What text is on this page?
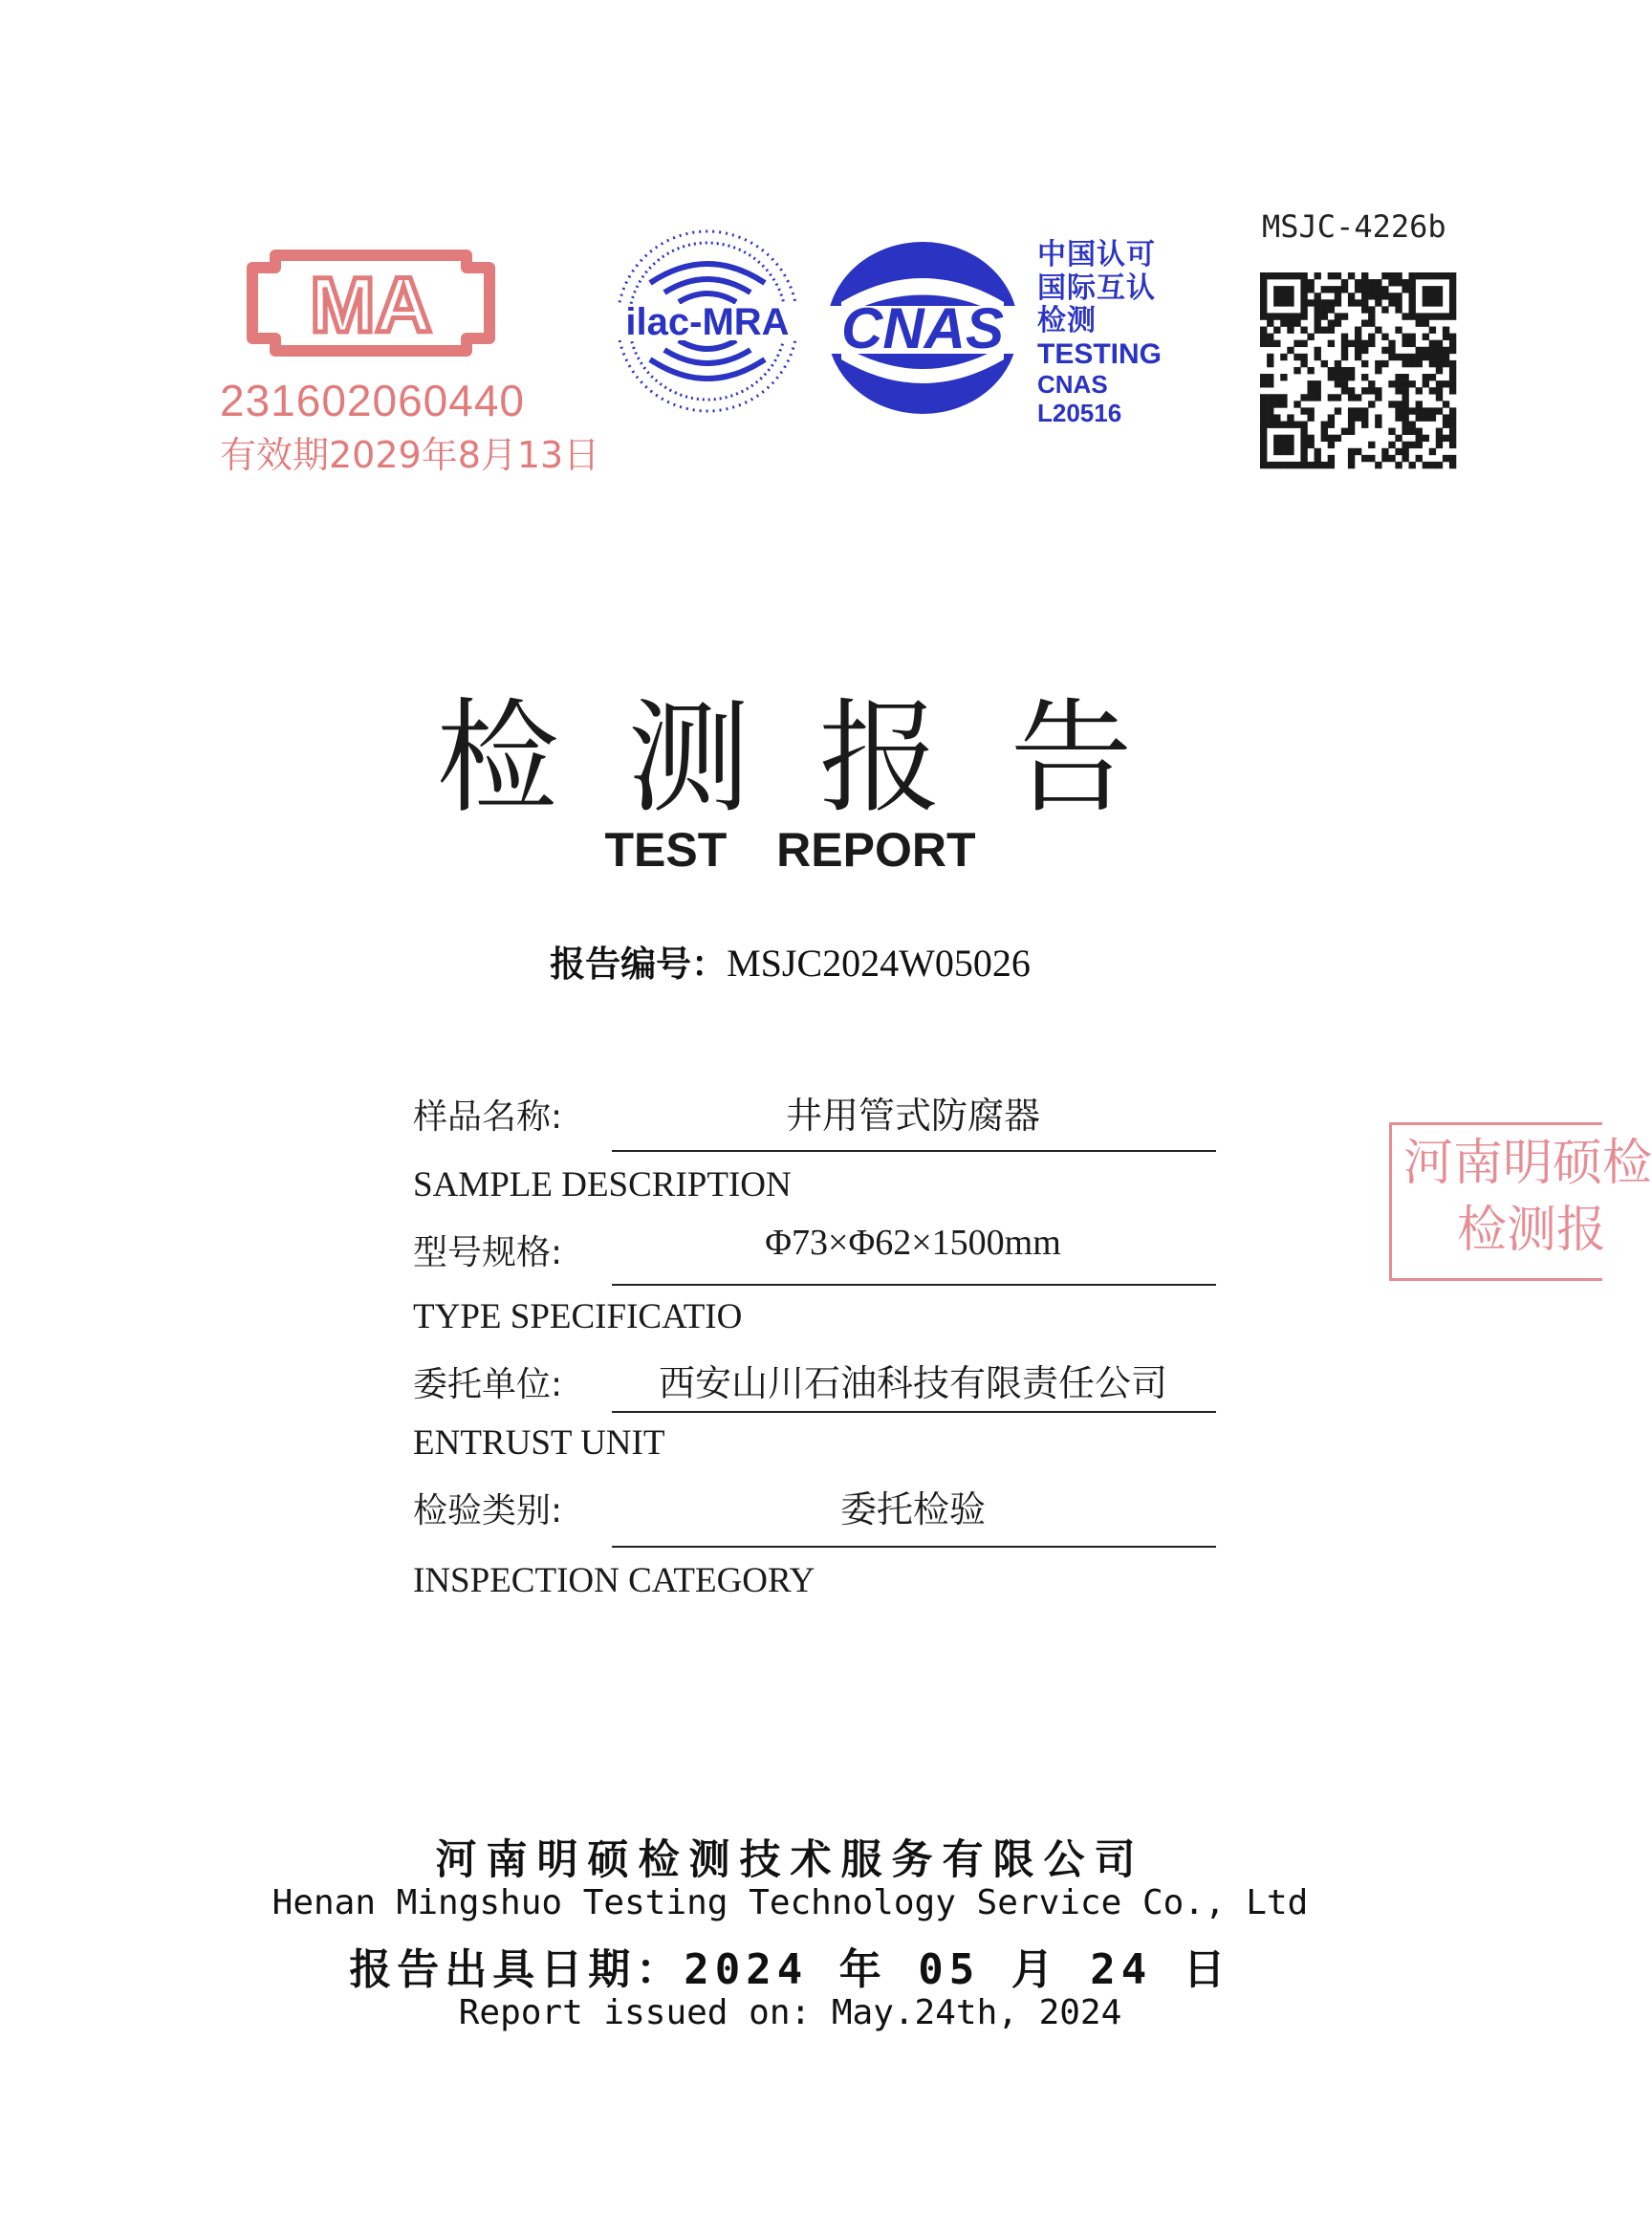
MA
231602060440
有效期2029年8月13日
ilac-MRA CNAS
中国认可
国际互认
检测
TESTING
CNAS L20516
MSJC-4226b
检测报告
TEST REPORT
报告编号：MSJC2024W05026
样品名称:	井用管式防腐器
SAMPLE DESCRIPTION
型号规格:	Φ73×Φ62×1500mm
TYPE SPECIFICATIO
委托单位:	西安山川石油科技有限责任公司
ENTRUST UNIT
检验类别:	委托检验
INSPECTION CATEGORY
河南明硕检
检测报
河南明硕检测技术服务有限公司
Henan Mingshuo Testing Technology Service Co., Ltd
报告出具日期：2024 年 05 月 24 日
Report issued on: May.24th, 2024
